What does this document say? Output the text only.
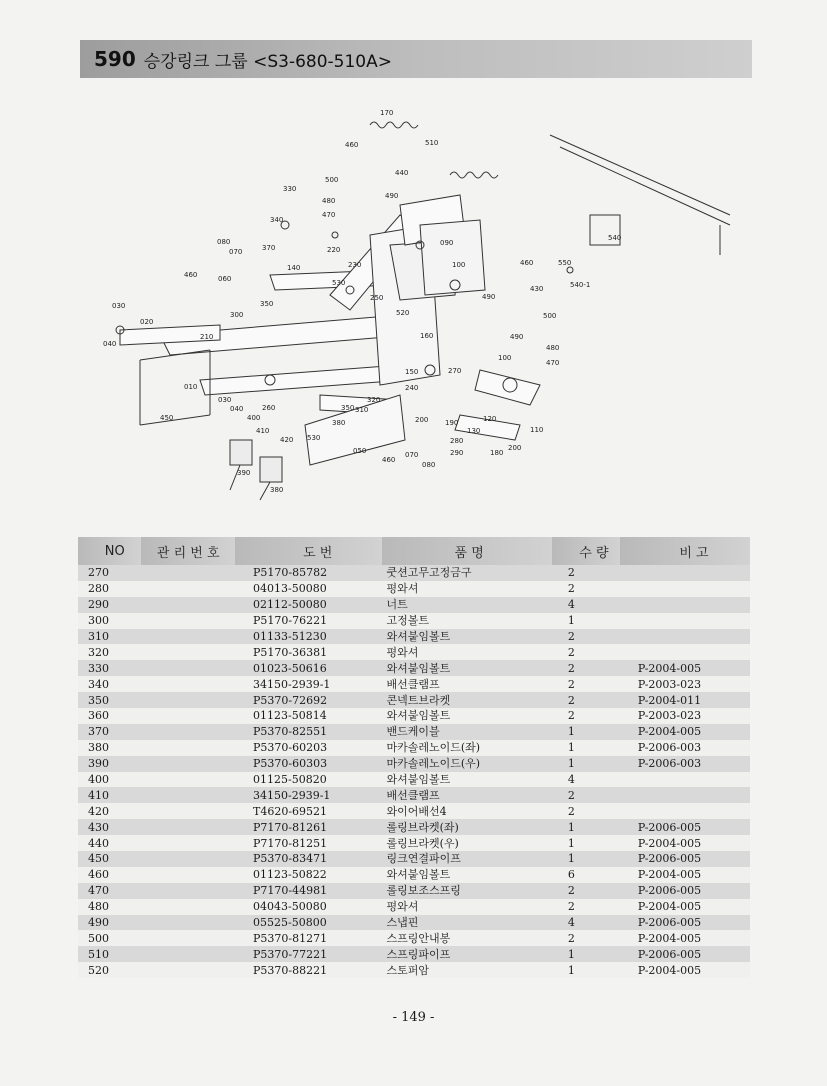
590 승강링크 그룹 <S3-680-510A>
170
460	510
500
440
490
480
470
330
340
080
370
070
060
140
460
220
230
090
100	550
540
540-1
030
020
040
350
300
210
530
250
520
160
460
490
430
500
490
480
100
470
010
030
040	260
150	270
240
320
310
350
380
410
400
420 530
050
200 190	120
130	110
280
290	180
200
070
080
460
450
390
380
NO	관 리 번 호	도 번	품 명	수 량	비 고
270		P5170-85782	쿳션고무고정금구	2	
280		04013-50080	평와셔	2	
290		02112-50080	너트	4	
300		P5170-76221	고정볼트	1	
310		01133-51230	와셔붙임볼트	2	
320		P5170-36381	평와셔	2	
330		01023-50616	와셔붙임볼트	2	P-2004-005
340		34150-2939-1	배선클램프	2	P-2003-023
350		P5370-72692	콘넥트브라켓	2	P-2004-011
360		01123-50814	와셔붙임볼트	2	P-2003-023
370		P5370-82551	밴드케이블	1	P-2004-005
380		P5370-60203	마카솔레노이드(좌)	1	P-2006-003
390		P5370-60303	마카솔레노이드(우)	1	P-2006-003
400		01125-50820	와셔붙임볼트	4	
410		34150-2939-1	배선클램프	2	
420		T4620-69521	와이어배선4	2	
430		P7170-81261	롤링브라켓(좌)	1	P-2006-005
440		P7170-81251	롤링브라켓(우)	1	P-2004-005
450		P5370-83471	링크연결파이프	1	P-2006-005
460		01123-50822	와셔붙임볼트	6	P-2004-005
470		P7170-44981	롤링보조스프링	2	P-2006-005
480		04043-50080	평와셔	2	P-2004-005
490		05525-50800	스냅핀	4	P-2006-005
500		P5370-81271	스프링안내봉	2	P-2004-005
510		P5370-77221	스프링파이프	1	P-2006-005
520		P5370-88221	스토퍼암	1	P-2004-005
- 149 -
